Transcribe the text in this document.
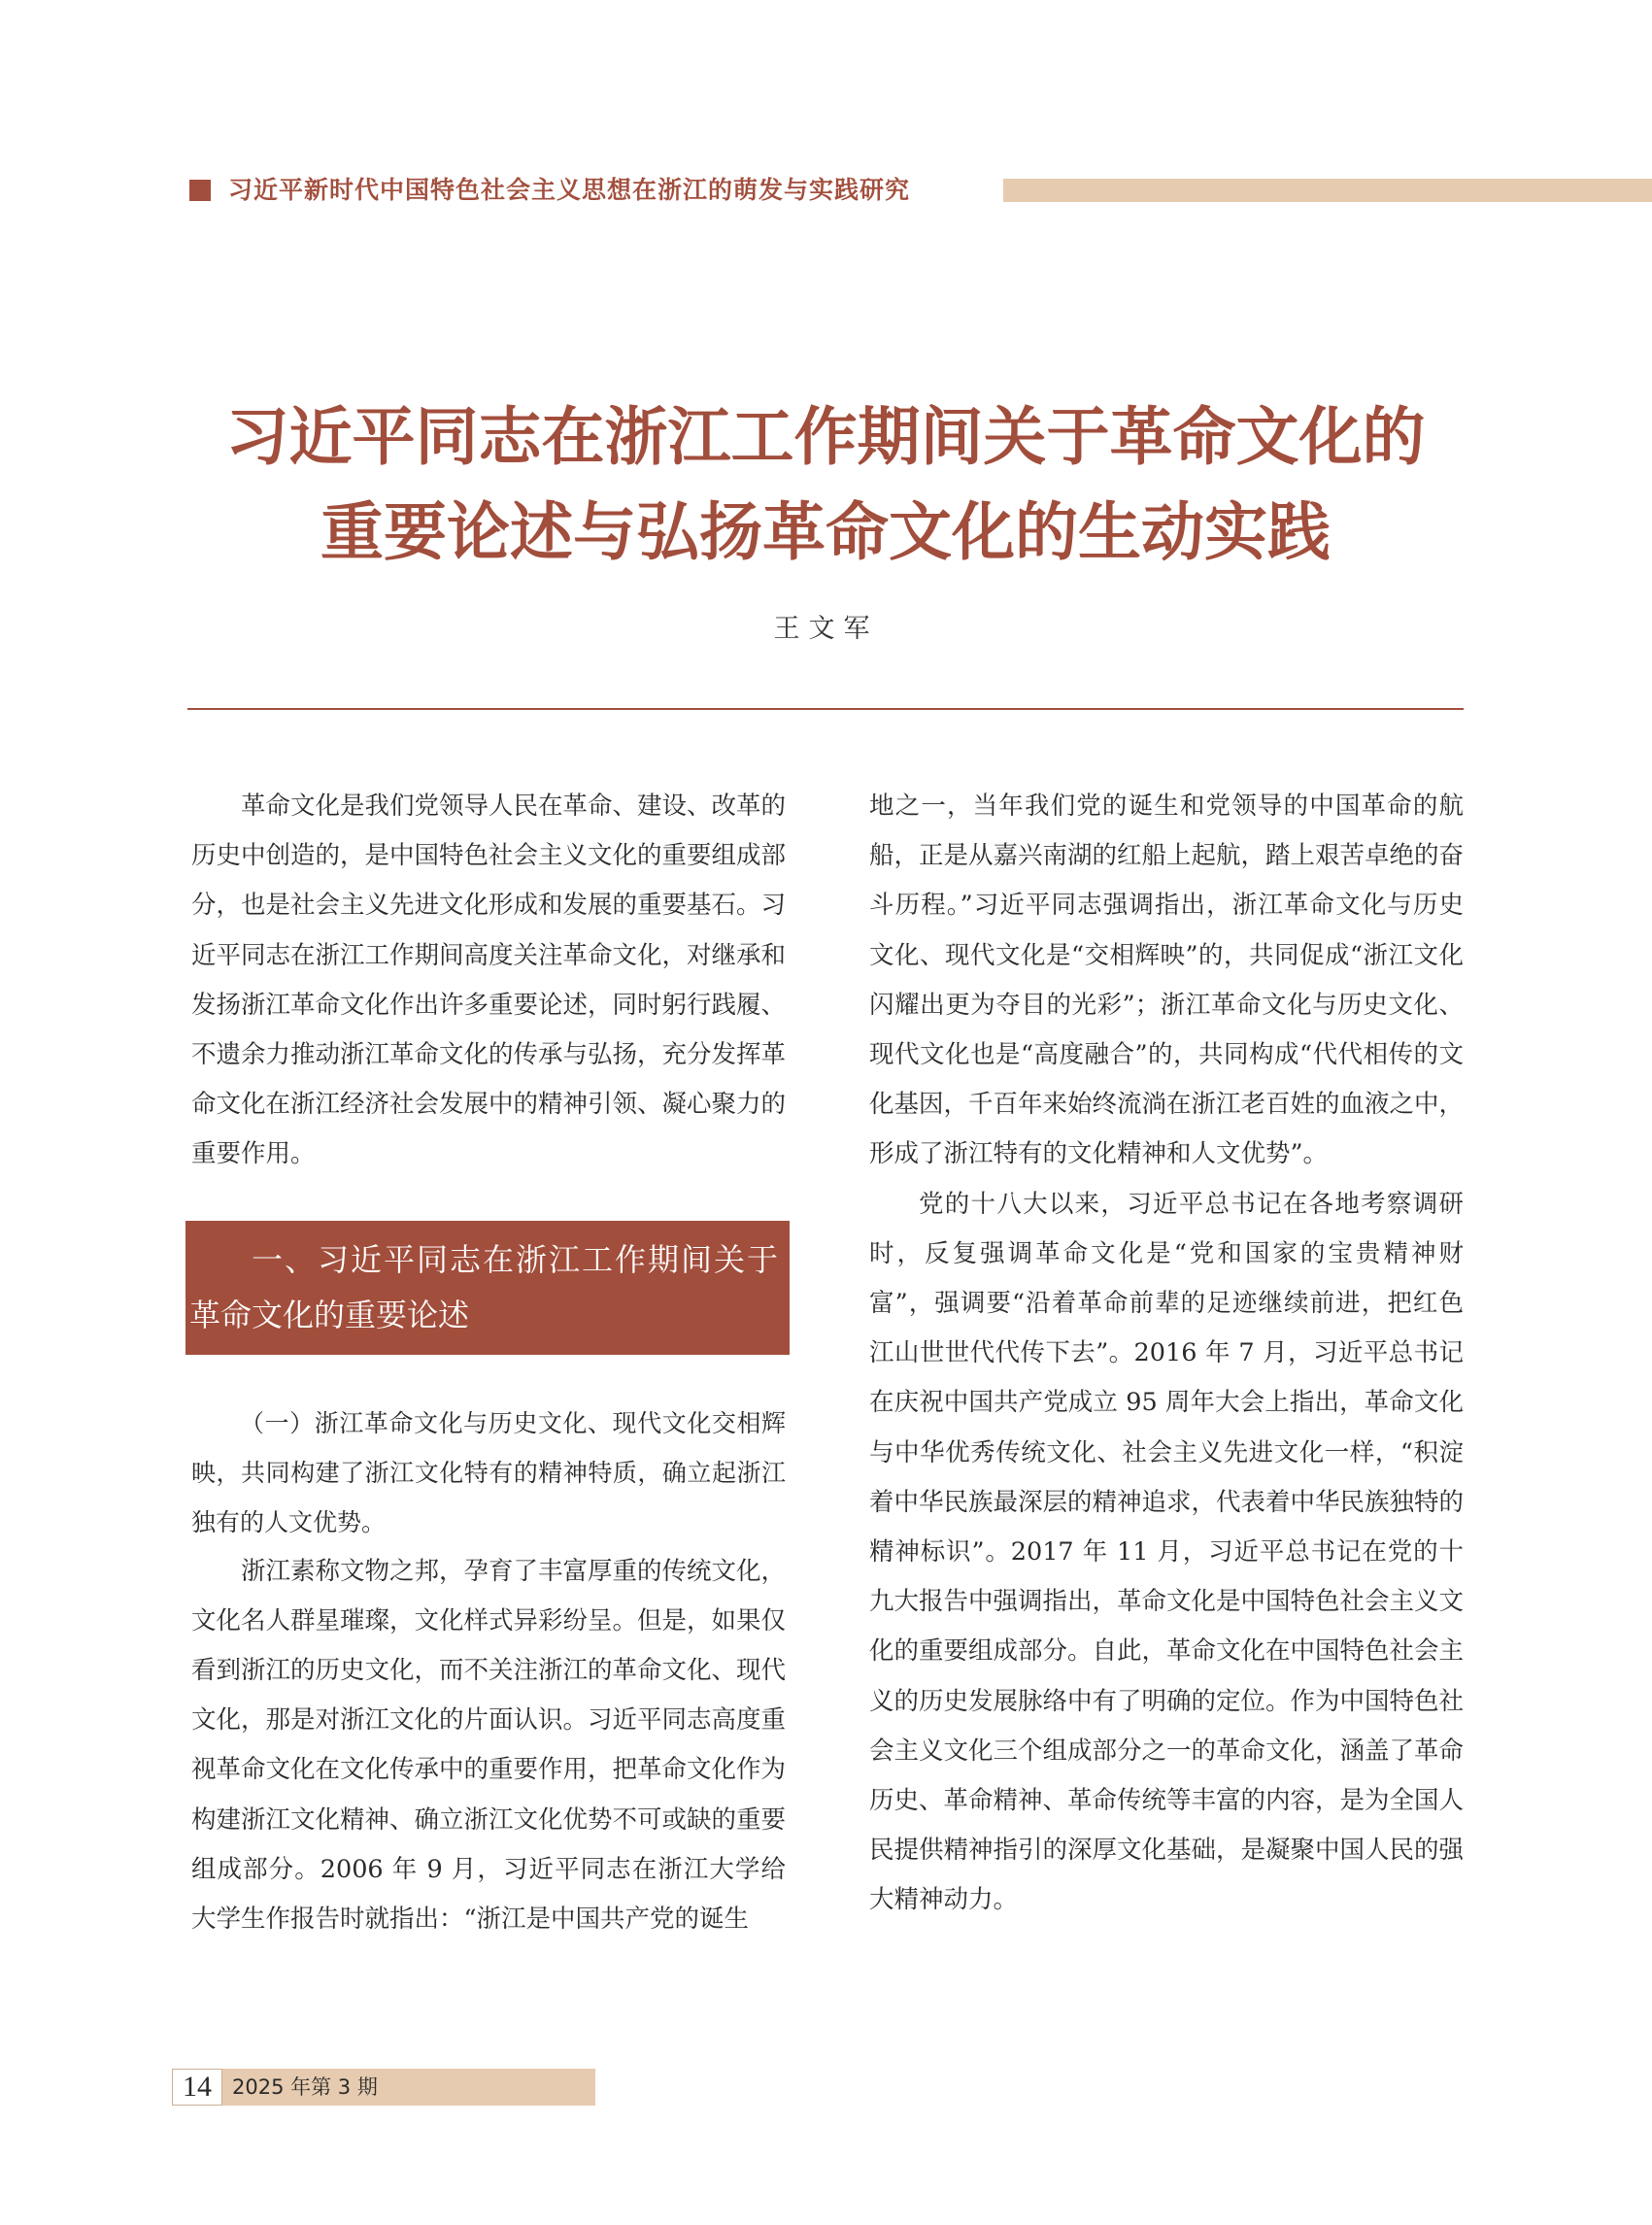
习近平新时代中国特色社会主义思想在浙江的萌发与实践研究
习近平同志在浙江工作期间关于革命文化的
重要论述与弘扬革命文化的生动实践
王文军

革命文化是我们党领导人民在革命、建设、改革的历史中创造的，是中国特色社会主义文化的重要组成部分，也是社会主义先进文化形成和发展的重要基石。习近平同志在浙江工作期间高度关注革命文化，对继承和发扬浙江革命文化作出许多重要论述，同时躬行践履、不遗余力推动浙江革命文化的传承与弘扬，充分发挥革命文化在浙江经济社会发展中的精神引领、凝心聚力的重要作用。

一、习近平同志在浙江工作期间关于革命文化的重要论述
（一）浙江革命文化与历史文化、现代文化交相辉映，共同构建了浙江文化特有的精神特质，确立起浙江独有的人文优势。

浙江素称文物之邦，孕育了丰富厚重的传统文化，文化名人群星璀璨，文化样式异彩纷呈。但是，如果仅看到浙江的历史文化，而不关注浙江的革命文化、现代文化，那是对浙江文化的片面认识。习近平同志高度重视革命文化在文化传承中的重要作用，把革命文化作为构建浙江文化精神、确立浙江文化优势不可或缺的重要组成部分。2006 年 9 月，习近平同志在浙江大学给大学生作报告时就指出：“浙江是中国共产党的诞生

地之一，当年我们党的诞生和党领导的中国革命的航船，正是从嘉兴南湖的红船上起航，踏上艰苦卓绝的奋斗历程。”习近平同志强调指出，浙江革命文化与历史文化、现代文化是“交相辉映”的，共同促成“浙江文化闪耀出更为夺目的光彩”；浙江革命文化与历史文化、现代文化也是“高度融合”的，共同构成“代代相传的文化基因，千百年来始终流淌在浙江老百姓的血液之中，形成了浙江特有的文化精神和人文优势”。

党的十八大以来，习近平总书记在各地考察调研时，反复强调革命文化是“党和国家的宝贵精神财富”，强调要“沿着革命前辈的足迹继续前进，把红色江山世世代代传下去”。2016 年 7 月，习近平总书记在庆祝中国共产党成立 95 周年大会上指出，革命文化与中华优秀传统文化、社会主义先进文化一样，“积淀着中华民族最深层的精神追求，代表着中华民族独特的精神标识”。2017 年 11 月，习近平总书记在党的十九大报告中强调指出，革命文化是中国特色社会主义文化的重要组成部分。自此，革命文化在中国特色社会主义的历史发展脉络中有了明确的定位。作为中国特色社会主义文化三个组成部分之一的革命文化，涵盖了革命历史、革命精神、革命传统等丰富的内容，是为全国人民提供精神指引的深厚文化基础，是凝聚中国人民的强大精神动力。

14	2025 年第 3 期
